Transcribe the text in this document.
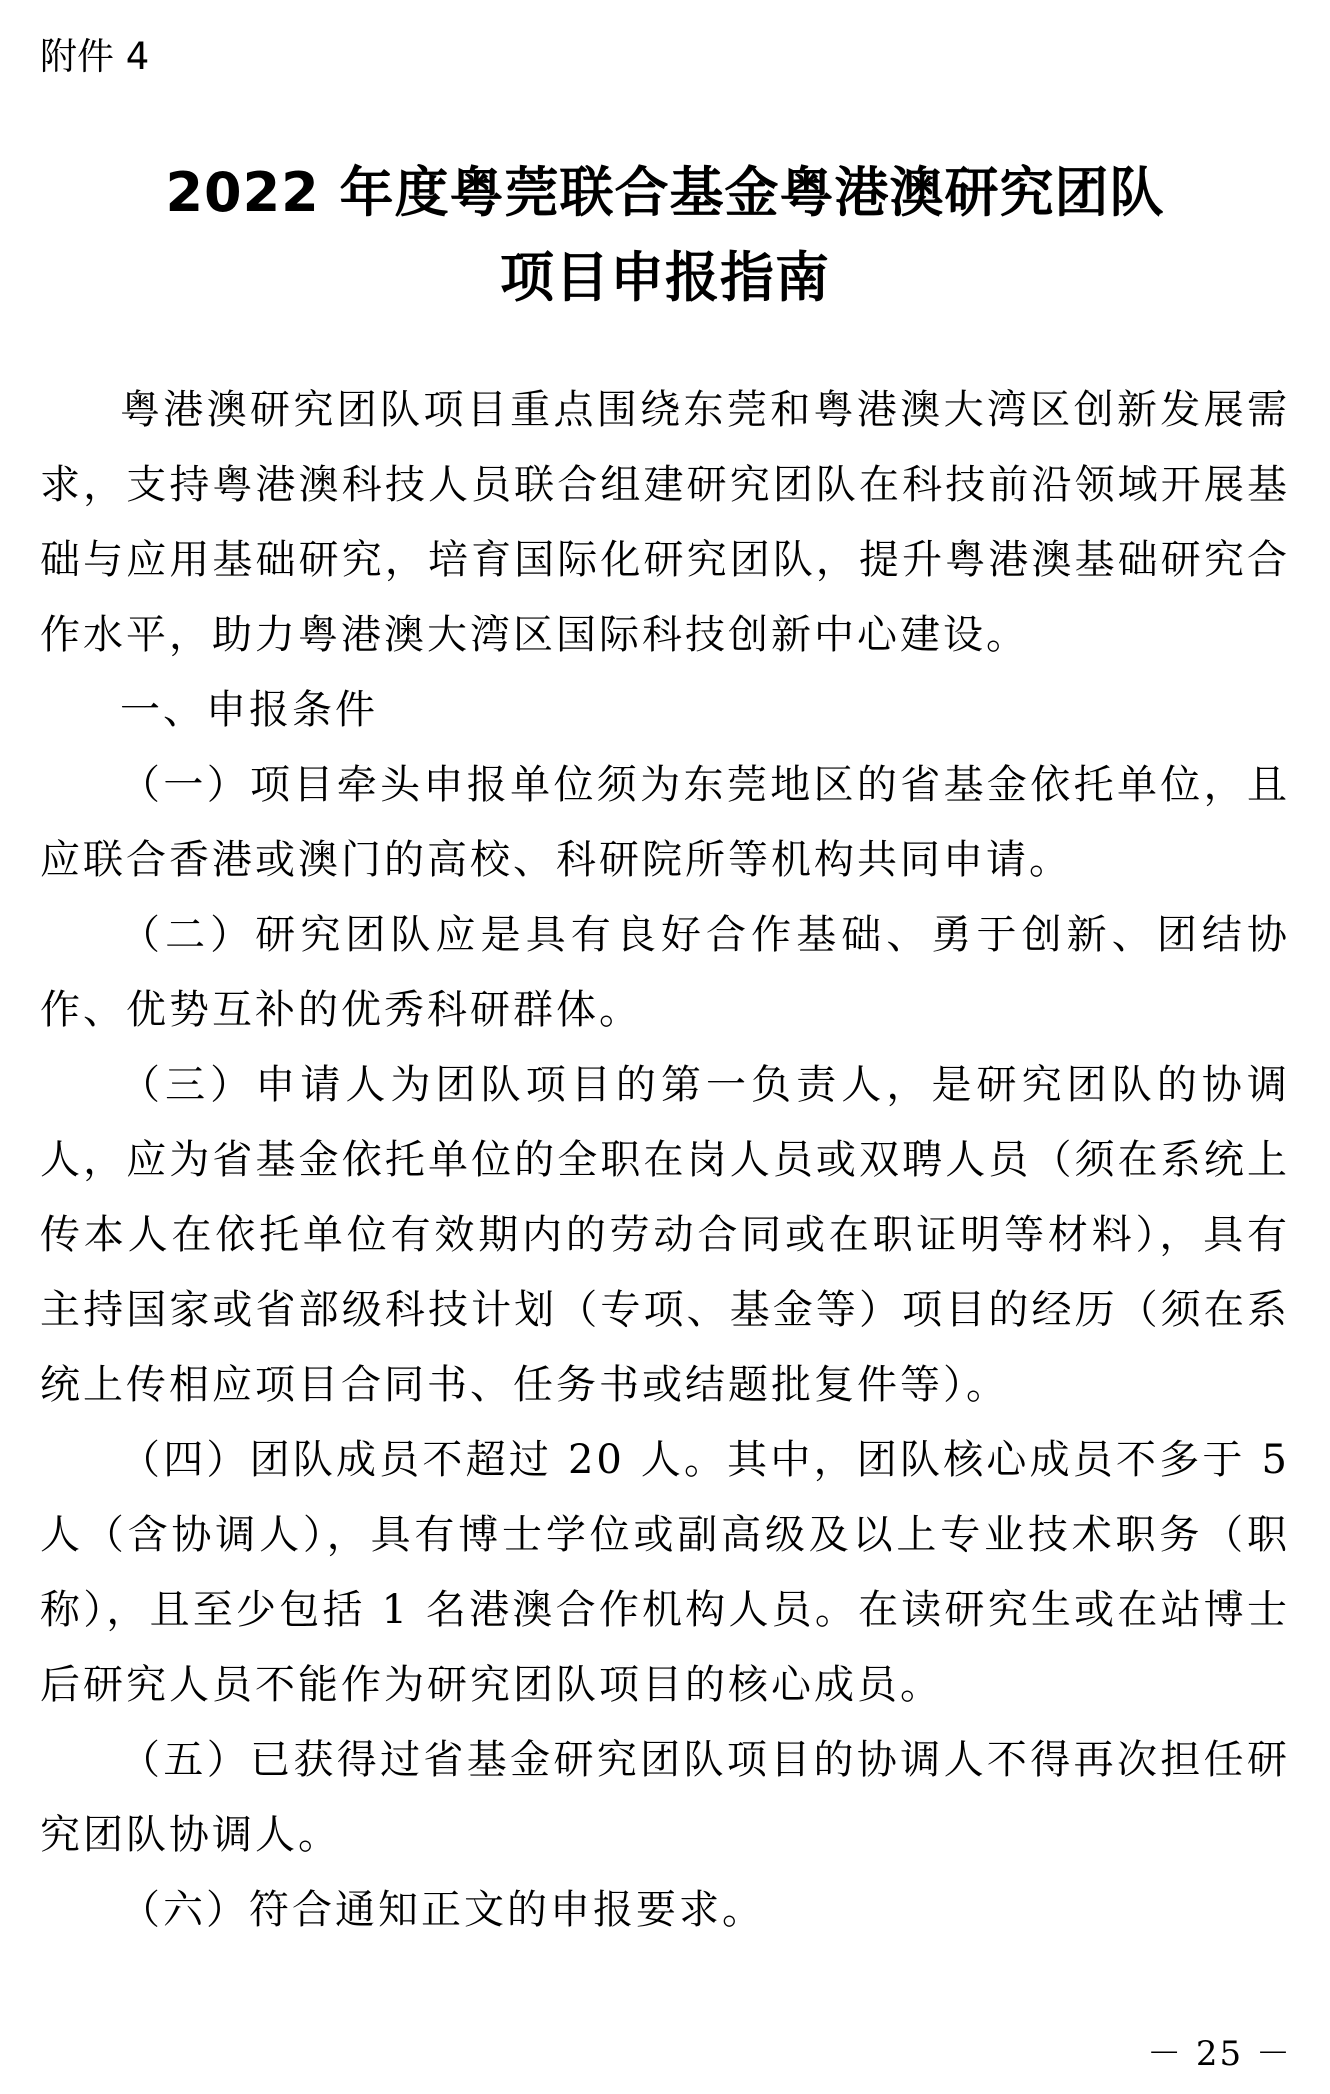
附件 4
2022 年度粤莞联合基金粤港澳研究团队
项目申报指南

粤港澳研究团队项目重点围绕东莞和粤港澳大湾区创新发展需求，支持粤港澳科技人员联合组建研究团队在科技前沿领域开展基础与应用基础研究，培育国际化研究团队，提升粤港澳基础研究合作水平，助力粤港澳大湾区国际科技创新中心建设。

一、申报条件

（一）项目牵头申报单位须为东莞地区的省基金依托单位，且应联合香港或澳门的高校、科研院所等机构共同申请。

（二）研究团队应是具有良好合作基础、勇于创新、团结协作、优势互补的优秀科研群体。

（三）申请人为团队项目的第一负责人，是研究团队的协调人，应为省基金依托单位的全职在岗人员或双聘人员（须在系统上传本人在依托单位有效期内的劳动合同或在职证明等材料），具有主持国家或省部级科技计划（专项、基金等）项目的经历（须在系统上传相应项目合同书、任务书或结题批复件等）。

（四）团队成员不超过 20 人。其中，团队核心成员不多于 5 人（含协调人），具有博士学位或副高级及以上专业技术职务（职称），且至少包括 1 名港澳合作机构人员。在读研究生或在站博士后研究人员不能作为研究团队项目的核心成员。

（五）已获得过省基金研究团队项目的协调人不得再次担任研究团队协调人。

（六）符合通知正文的申报要求。

－ 25 －
